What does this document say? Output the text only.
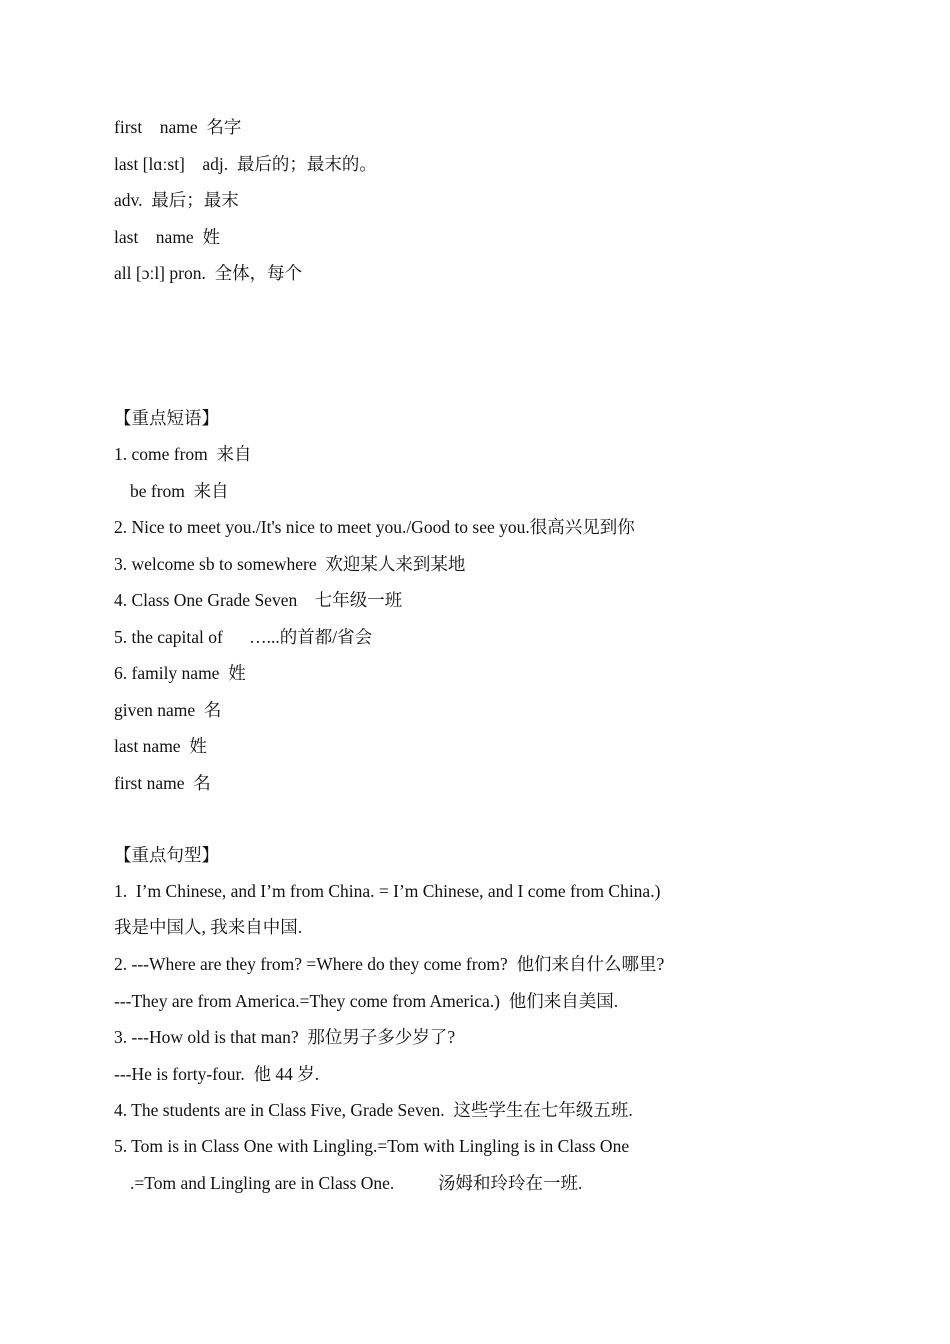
first    name  名字
last [lɑːst]    adj.  最后的；最末的。
adv.  最后；最末
last    name  姓
all [ɔːl] pron.  全体，每个
【重点短语】
1. come from  来自
be from  来自
2. Nice to meet you./It's nice to meet you./Good to see you.很高兴见到你
3. welcome sb to somewhere  欢迎某人来到某地
4. Class One Grade Seven    七年级一班
5. the capital of      …...的首都/省会
6. family name  姓
given name  名
last name  姓
first name  名
【重点句型】
1.  I’m Chinese, and I’m from China. = I’m Chinese, and I come from China.)
我是中国人, 我来自中国.
2. ---Where are they from? =Where do they come from?  他们来自什么哪里?
---They are from America.=They come from America.)  他们来自美国.
3. ---How old is that man?  那位男子多少岁了?
---He is forty-four.  他 44 岁.
4. The students are in Class Five, Grade Seven.  这些学生在七年级五班.
5. Tom is in Class One with Lingling.=Tom with Lingling is in Class One
.=Tom and Lingling are in Class One.          汤姆和玲玲在一班.
